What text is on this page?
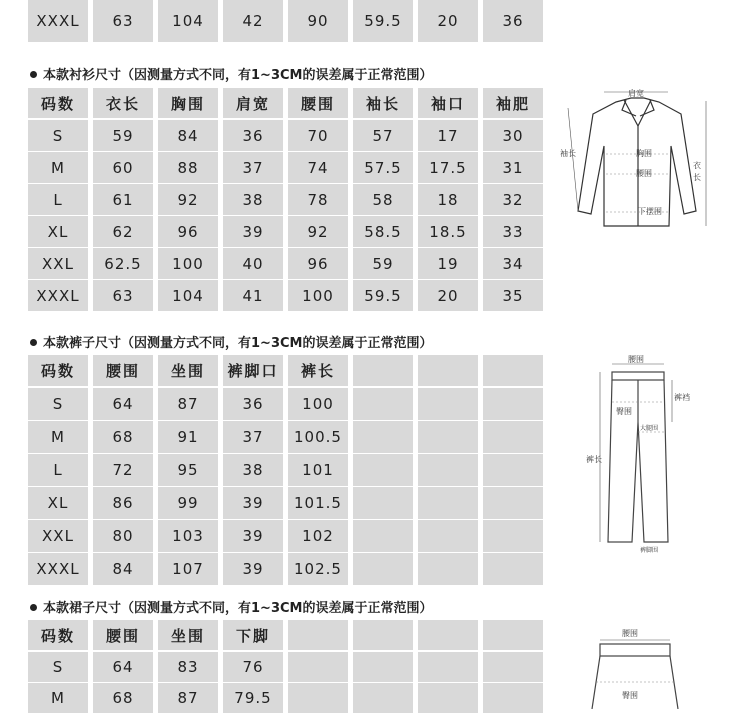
XXXL	63	104	42	90	59.5	20	36
本款衬衫尺寸（因测量方式不同，有1~3CM的误差属于正常范围）
码数	衣长	胸围	肩宽	腰围	袖长	袖口	袖肥

S	59	84	36	70	57	17	30

M	60	88	37	74	57.5	17.5	31

L	61	92	38	78	58	18	32

XL	62	96	39	92	58.5	18.5	33

XXL	62.5	100	40	96	59	19	34

XXXL	63	104	41	100	59.5	20	35
肩宽
袖长	胸围
腰围
下摆围
衣
长
本款裤子尺寸（因测量方式不同，有1~3CM的误差属于正常范围）
码数	腰围	坐围	裤脚口	裤长			

S	64	87	36	100			

M	68	91	37	100.5			

L	72	95	38	101			

XL	86	99	39	101.5			

XXL	80	103	39	102			

XXXL	84	107	39	102.5			
腰围
裤裆
臀围
大腿围
裤长
裤脚围
本款裙子尺寸（因测量方式不同，有1~3CM的误差属于正常范围）
码数	腰围	坐围	下脚				

S	64	83	76				

M	68	87	79.5				
腰围
臀围
